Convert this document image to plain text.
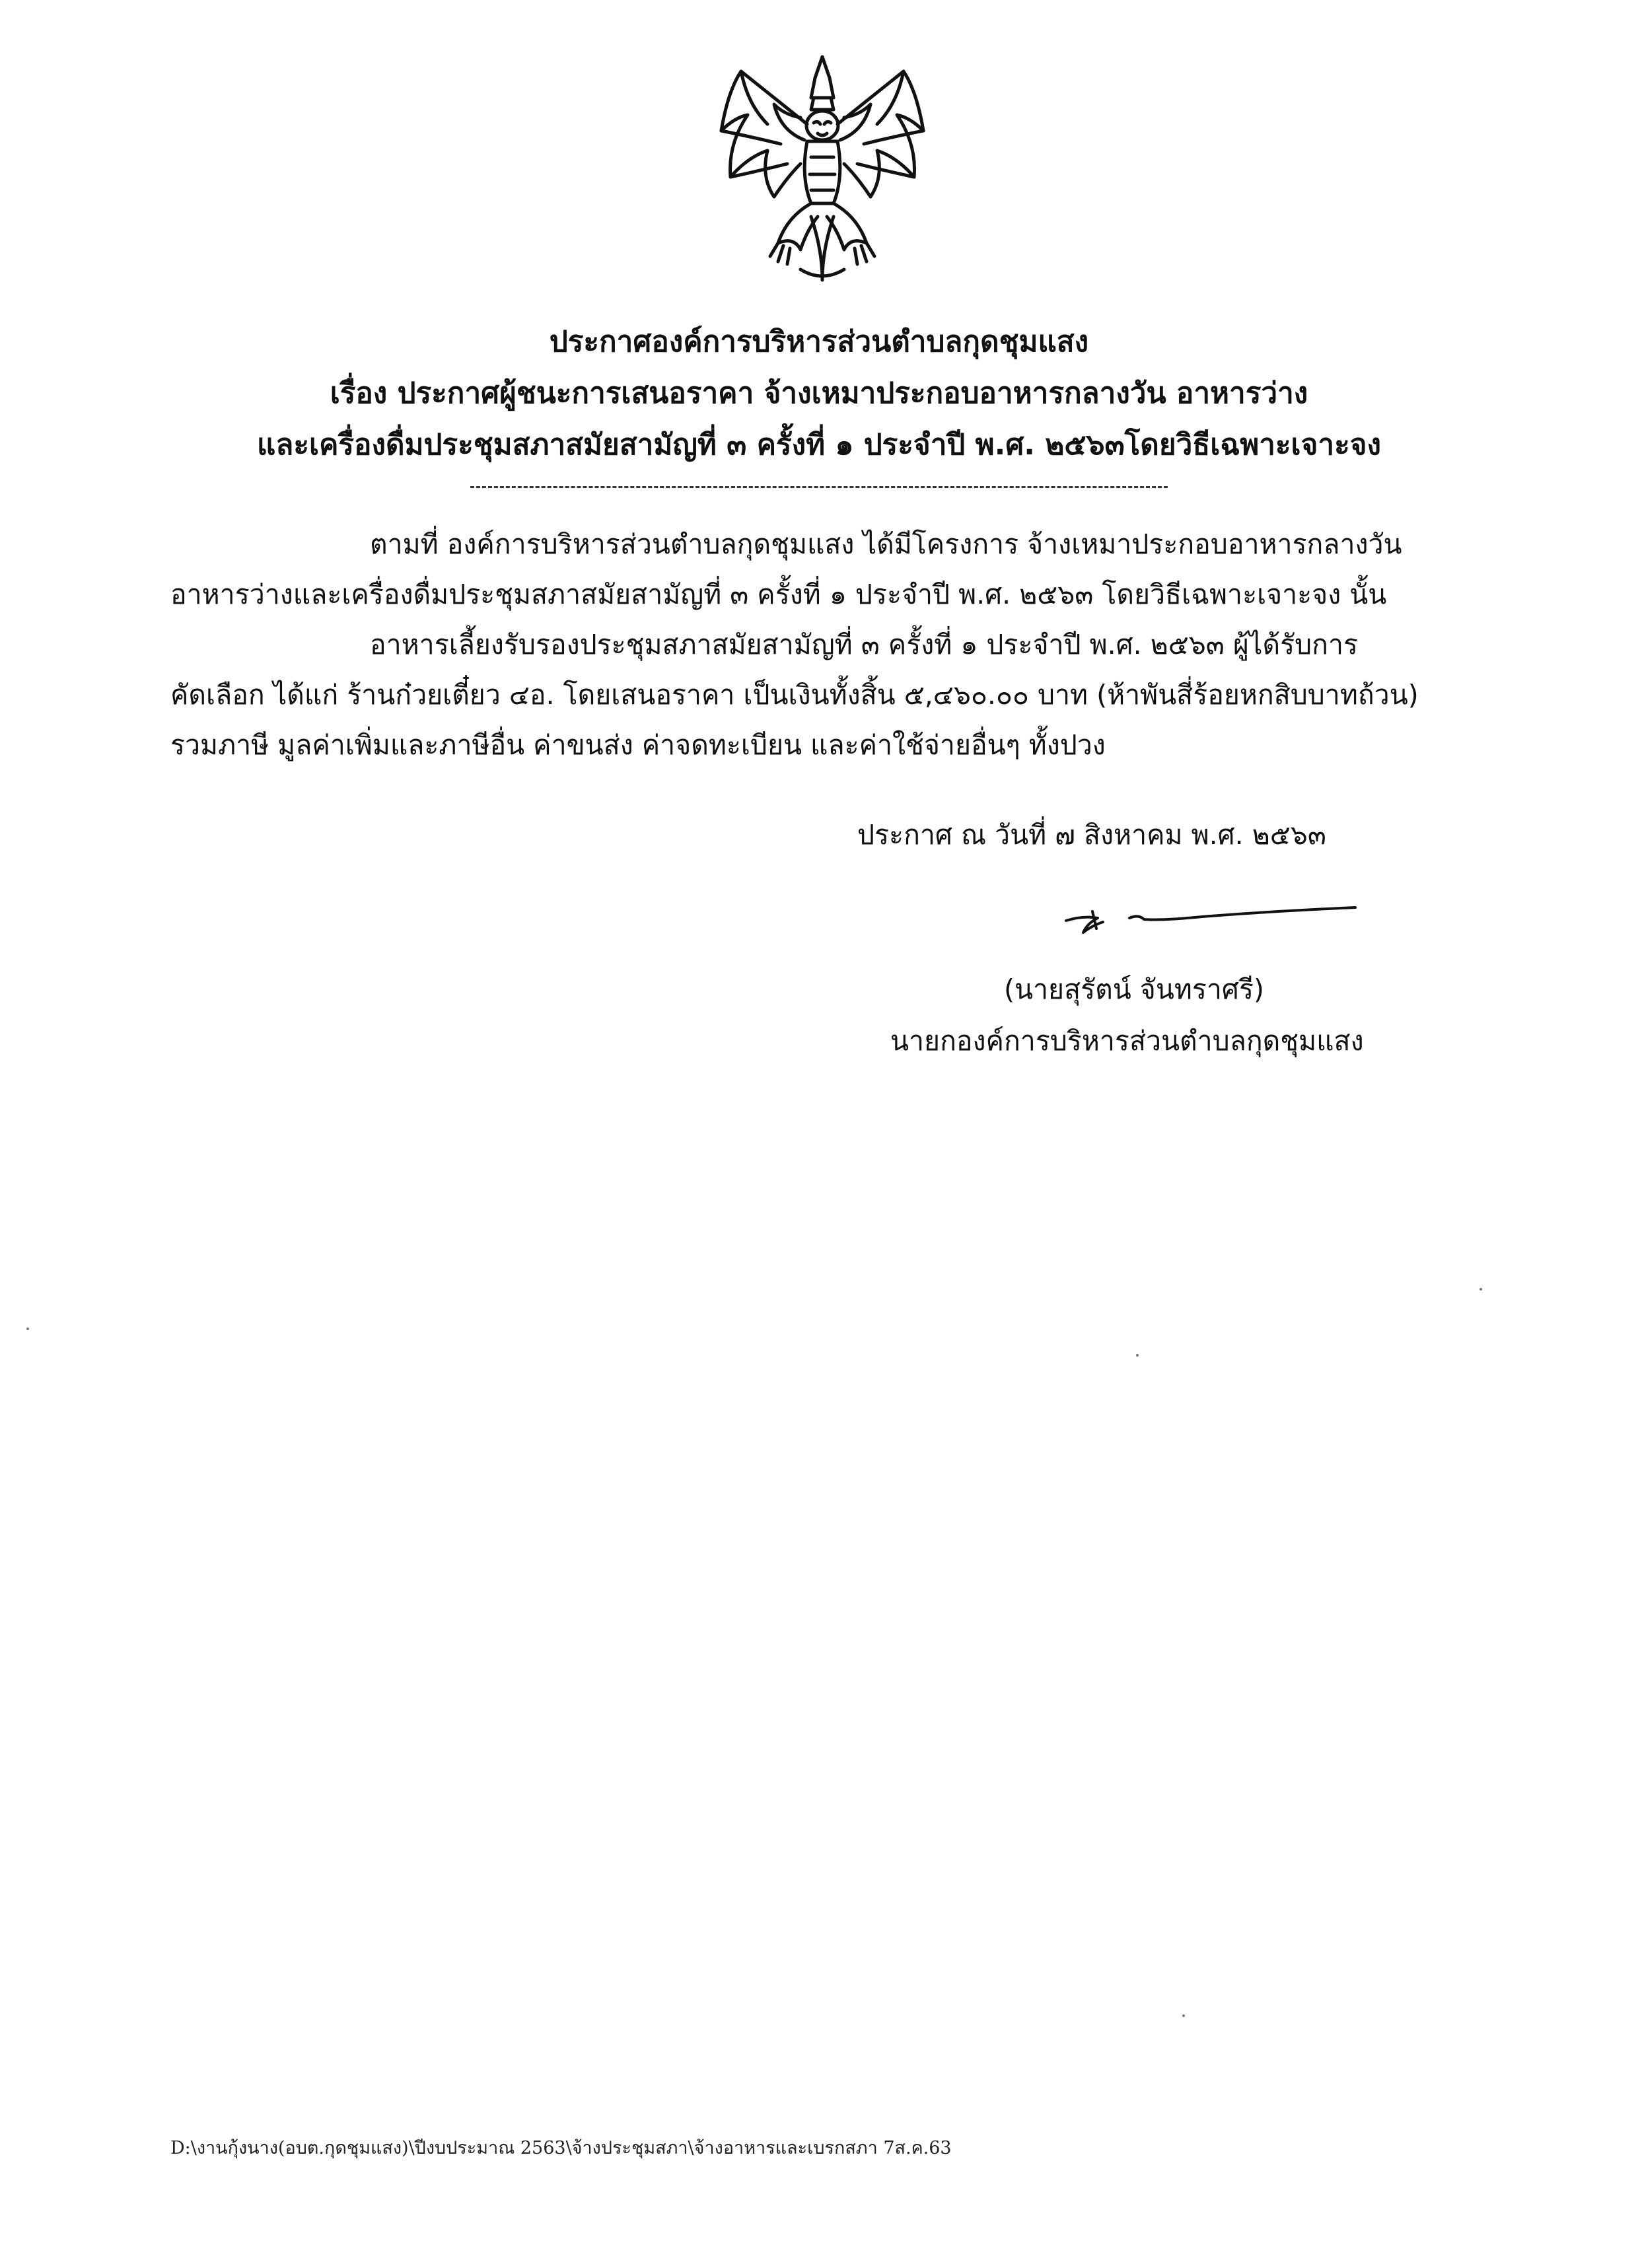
ประกาศองค์การบริหารส่วนตำบลกุดชุมแสง
เรื่อง ประกาศผู้ชนะการเสนอราคา จ้างเหมาประกอบอาหารกลางวัน อาหารว่าง
และเครื่องดื่มประชุมสภาสมัยสามัญที่ ๓ ครั้งที่ ๑ ประจำปี พ.ศ. ๒๕๖๓โดยวิธีเฉพาะเจาะจง
ตามที่ องค์การบริหารส่วนตำบลกุดชุมแสง ได้มีโครงการ จ้างเหมาประกอบอาหารกลางวัน
อาหารว่างและเครื่องดื่มประชุมสภาสมัยสามัญที่ ๓ ครั้งที่ ๑ ประจำปี พ.ศ. ๒๕๖๓ โดยวิธีเฉพาะเจาะจง นั้น
อาหารเลี้ยงรับรองประชุมสภาสมัยสามัญที่ ๓ ครั้งที่ ๑ ประจำปี พ.ศ. ๒๕๖๓ ผู้ได้รับการ
คัดเลือก ได้แก่ ร้านก๋วยเตี๋ยว ๔อ. โดยเสนอราคา เป็นเงินทั้งสิ้น ๕,๔๖๐.๐๐ บาท (ห้าพันสี่ร้อยหกสิบบาทถ้วน)
รวมภาษี มูลค่าเพิ่มและภาษีอื่น ค่าขนส่ง ค่าจดทะเบียน และค่าใช้จ่ายอื่นๆ ทั้งปวง
ประกาศ ณ วันที่ ๗ สิงหาคม พ.ศ. ๒๕๖๓
(นายสุรัตน์ จันทราศรี)
นายกองค์การบริหารส่วนตำบลกุดชุมแสง
D:\งานกุ้งนาง(อบต.กุดชุมแสง)\ปีงบประมาณ 2563\จ้างประชุมสภา\จ้างอาหารและเบรกสภา 7ส.ค.63
